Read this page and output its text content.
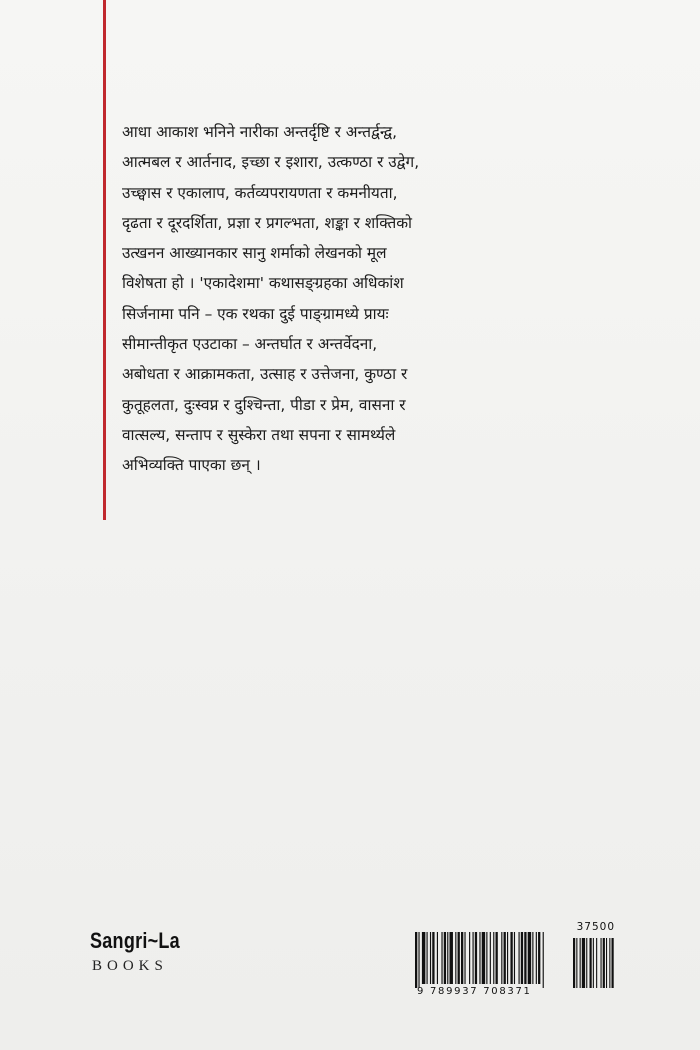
आधा आकाश भनिने नारीका अन्तर्दृष्टि र अन्तर्द्वन्द्व,
आत्मबल र आर्तनाद, इच्छा र इशारा, उत्कण्ठा र उद्वेग,
उच्छ्वास र एकालाप, कर्तव्यपरायणता र कमनीयता,
दृढता र दूरदर्शिता, प्रज्ञा र प्रगल्भता, शङ्का र शक्तिको
उत्खनन आख्यानकार सानु शर्माको लेखनको मूल
विशेषता हो । 'एकादेशमा' कथासङ्ग्रहका अधिकांश
सिर्जनामा पनि – एक रथका दुई पाङ्ग्रामध्ये प्रायः
सीमान्तीकृत एउटाका – अन्तर्घात र अन्तर्वेदना,
अबोधता र आक्रामकता, उत्साह र उत्तेजना, कुण्ठा र
कुतूहलता, दुःस्वप्न र दुश्चिन्ता, पीडा र प्रेम, वासना र
वात्सल्य, सन्ताप र सुस्केरा तथा सपना र सामर्थ्यले
अभिव्यक्ति पाएका छन् ।

Sangri~La
BOOKS
37500
9 789937 708371
